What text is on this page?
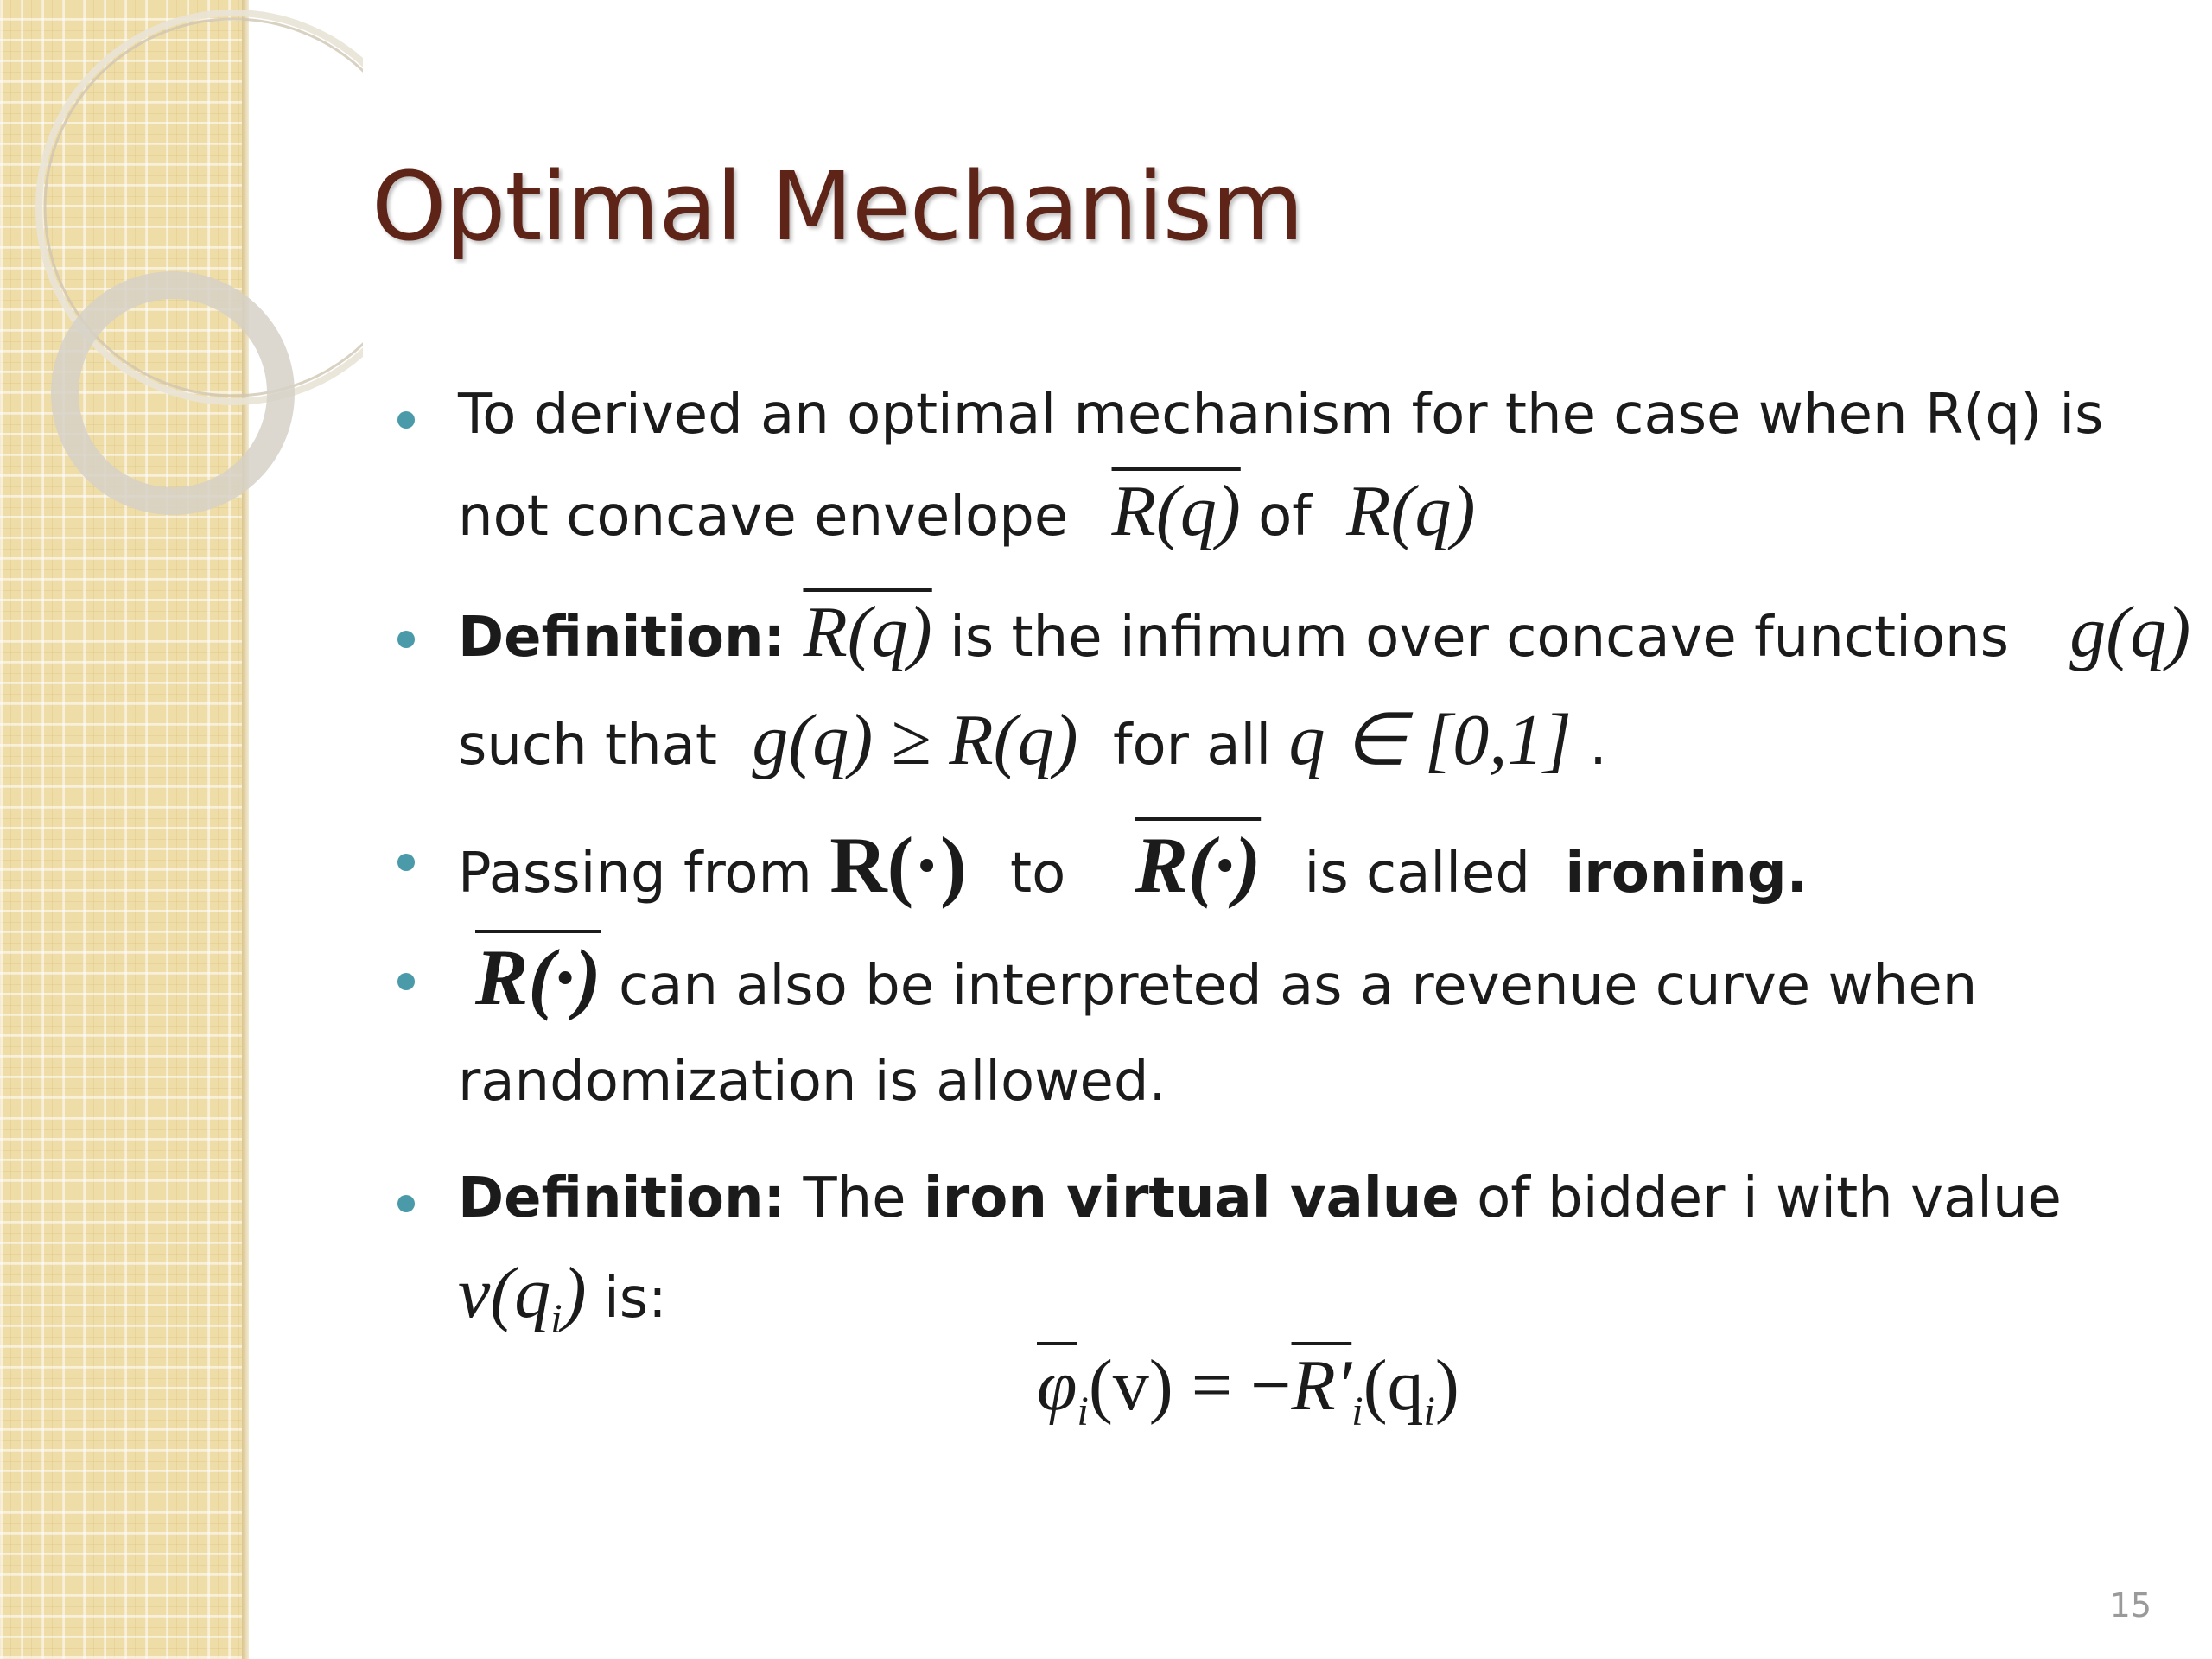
Optimal Mechanism
To derived an optimal mechanism for the case when R(q) is
not concave envelope R(q) of R(q)
Definition: R(q) is the infimum over concave functions g(q)
such that g(q) ≥ R(q) for all q ∈ [0,1] .
Passing from R(·) to R(·) is called ironing.
R(·) can also be interpreted as a revenue curve when
randomization is allowed.
Definition: The iron virtual value of bidder i with value
$v(q_i)$ is:
$\overline{\varphi}_i(v) = -R'_i(q_i)$
15
